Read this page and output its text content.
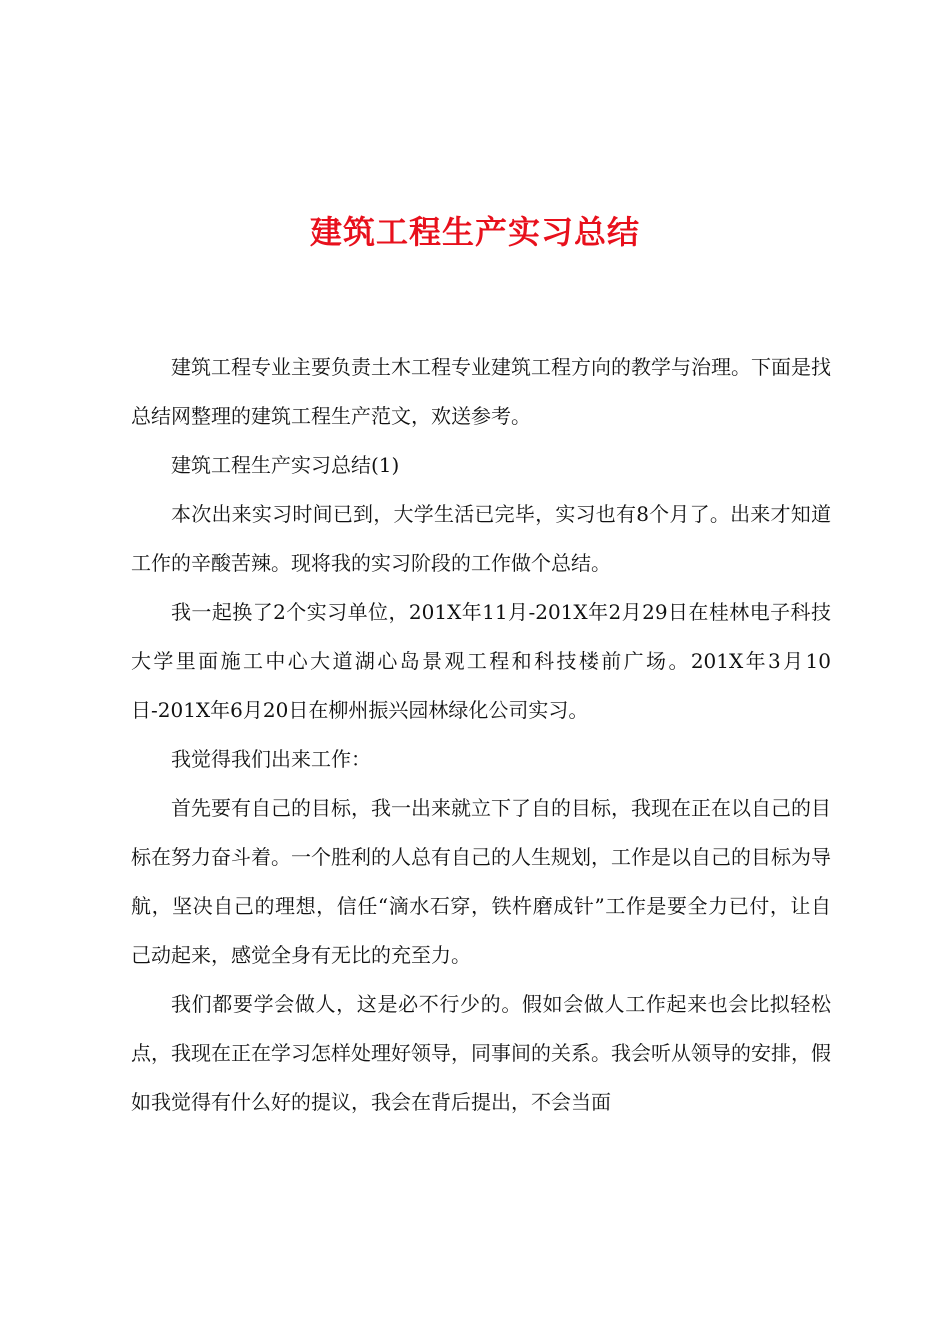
建筑工程生产实习总结

建筑工程专业主要负责土木工程专业建筑工程方向的教学与治理。下面是找总结网整理的建筑工程生产范文，欢送参考。

建筑工程生产实习总结(1)

本次出来实习时间已到，大学生活已完毕，实习也有8个月了。出来才知道工作的辛酸苦辣。现将我的实习阶段的工作做个总结。

我一起换了2个实习单位，201X年11月-201X年2月29日在桂林电子科技大学里面施工中心大道湖心岛景观工程和科技楼前广场。201X年3月10日-201X年6月20日在柳州振兴园林绿化公司实习。

我觉得我们出来工作：

首先要有自己的目标，我一出来就立下了自的目标，我现在正在以自己的目标在努力奋斗着。一个胜利的人总有自己的人生规划，工作是以自己的目标为导航，坚决自己的理想，信任“滴水石穿，铁杵磨成针”工作是要全力已付，让自己动起来，感觉全身有无比的充至力。

我们都要学会做人，这是必不行少的。假如会做人工作起来也会比拟轻松点，我现在正在学习怎样处理好领导，同事间的关系。我会听从领导的安排，假如我觉得有什么好的提议，我会在背后提出，不会当面
